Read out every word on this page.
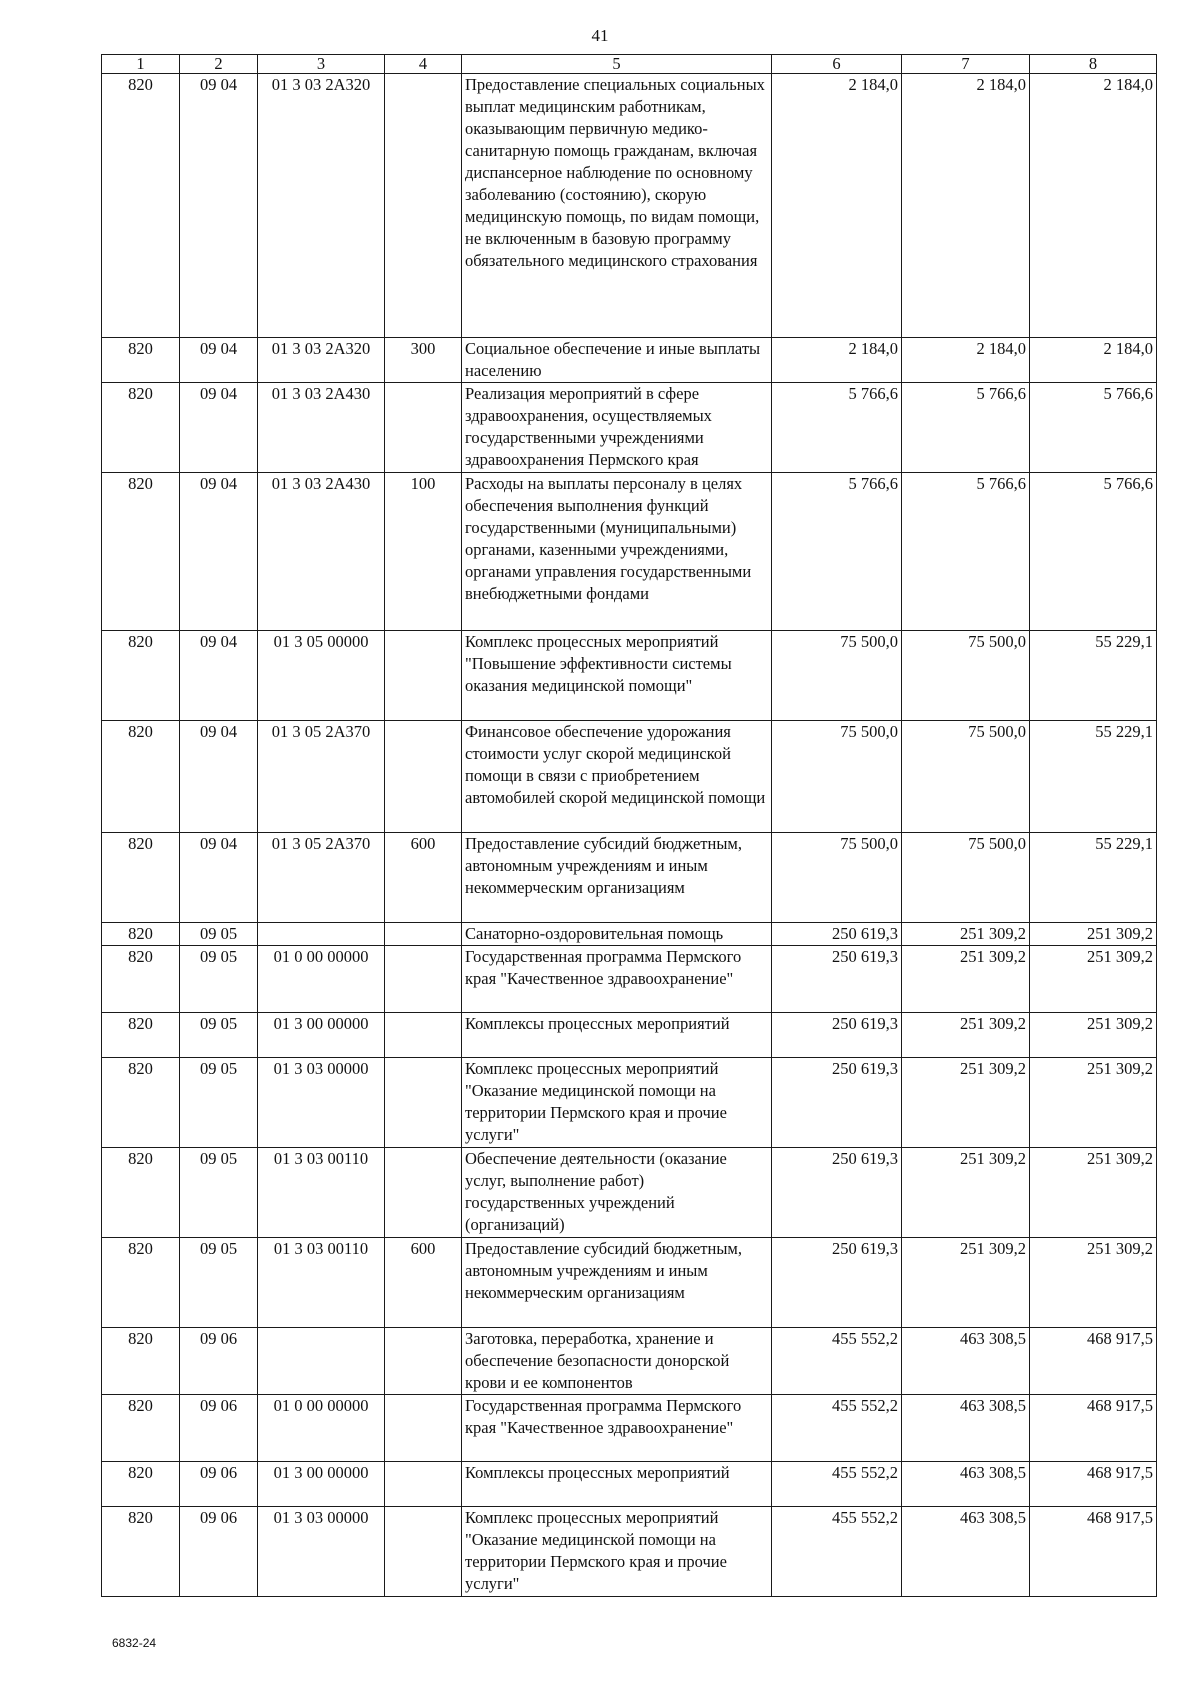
41
1	2	3	4	5	6	7	8
820	09 04	01 3 03 2А320		Предоставление специальных социальных выплат медицинским работникам, оказывающим первичную медико-санитарную помощь гражданам, включая диспансерное наблюдение по основному заболеванию (состоянию), скорую медицинскую помощь, по видам помощи, не включенным в базовую программу обязательного медицинского страхования	2 184,0	2 184,0	2 184,0
820	09 04	01 3 03 2А320	300	Социальное обеспечение и иные выплаты населению	2 184,0	2 184,0	2 184,0
820	09 04	01 3 03 2А430		Реализация мероприятий в сфере здравоохранения, осуществляемых государственными учреждениями здравоохранения Пермского края	5 766,6	5 766,6	5 766,6
820	09 04	01 3 03 2А430	100	Расходы на выплаты персоналу в целях обеспечения выполнения функций государственными (муниципальными) органами, казенными учреждениями, органами управления государственными внебюджетными фондами	5 766,6	5 766,6	5 766,6
820	09 04	01 3 05 00000		Комплекс процессных мероприятий "Повышение эффективности системы оказания медицинской помощи"	75 500,0	75 500,0	55 229,1
820	09 04	01 3 05 2А370		Финансовое обеспечение удорожания стоимости услуг скорой медицинской помощи в связи с приобретением автомобилей скорой медицинской помощи	75 500,0	75 500,0	55 229,1
820	09 04	01 3 05 2А370	600	Предоставление субсидий бюджетным, автономным учреждениям и иным некоммерческим организациям	75 500,0	75 500,0	55 229,1
820	09 05			Санаторно-оздоровительная помощь	250 619,3	251 309,2	251 309,2
820	09 05	01 0 00 00000		Государственная программа Пермского края "Качественное здравоохранение"	250 619,3	251 309,2	251 309,2
820	09 05	01 3 00 00000		Комплексы процессных мероприятий	250 619,3	251 309,2	251 309,2
820	09 05	01 3 03 00000		Комплекс процессных мероприятий "Оказание медицинской помощи на территории Пермского края и прочие услуги"	250 619,3	251 309,2	251 309,2
820	09 05	01 3 03 00110		Обеспечение деятельности (оказание услуг, выполнение работ) государственных учреждений (организаций)	250 619,3	251 309,2	251 309,2
820	09 05	01 3 03 00110	600	Предоставление субсидий бюджетным, автономным учреждениям и иным некоммерческим организациям	250 619,3	251 309,2	251 309,2
820	09 06			Заготовка, переработка, хранение и обеспечение безопасности донорской крови и ее компонентов	455 552,2	463 308,5	468 917,5
820	09 06	01 0 00 00000		Государственная программа Пермского края "Качественное здравоохранение"	455 552,2	463 308,5	468 917,5
820	09 06	01 3 00 00000		Комплексы процессных мероприятий	455 552,2	463 308,5	468 917,5
820	09 06	01 3 03 00000		Комплекс процессных мероприятий "Оказание медицинской помощи на территории Пермского края и прочие услуги"	455 552,2	463 308,5	468 917,5
6832-24
